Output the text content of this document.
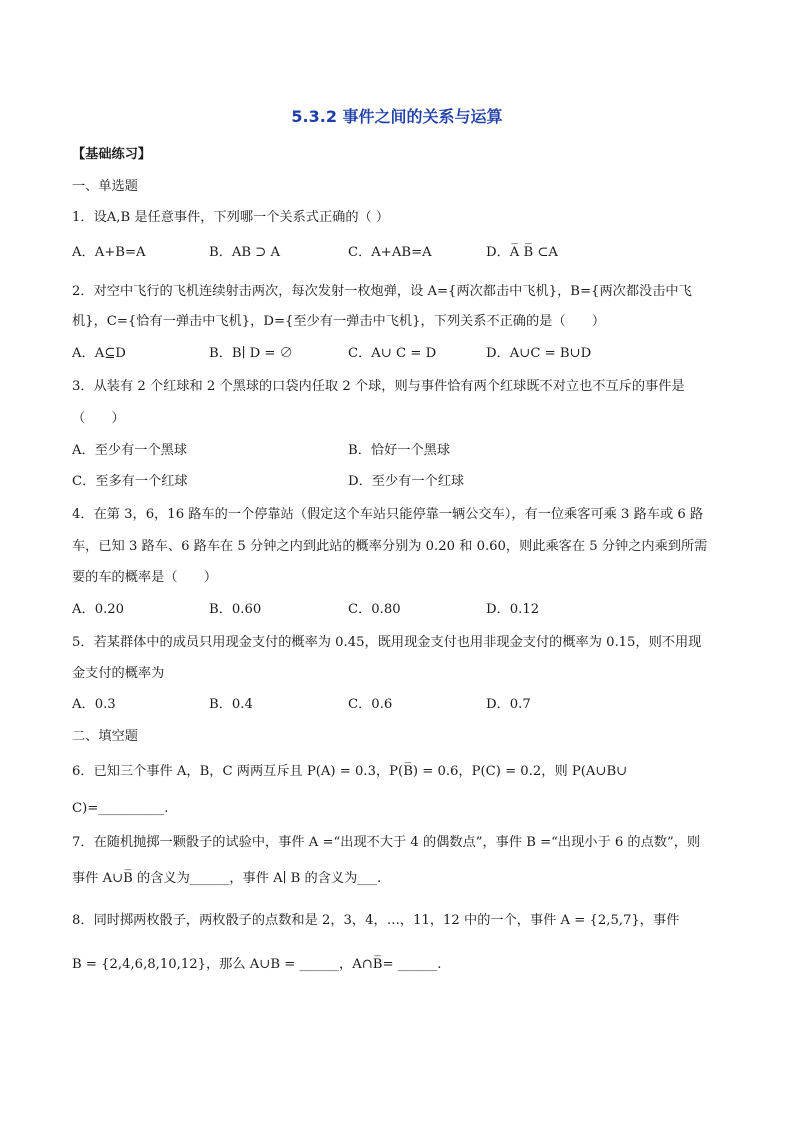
5.3.2 事件之间的关系与运算
【基础练习】
一、单选题
1．设A,B 是任意事件，下列哪一个关系式正确的（ ）
A．A+B=A	B．AB ⊃ A	C．A+AB=A	D．A̅ B̅ ⊂A
2．对空中飞行的飞机连续射击两次，每次发射一枚炮弹，设 A={两次都击中飞机}，B={两次都没击中飞
机}，C={恰有一弹击中飞机}，D={至少有一弹击中飞机}，下列关系不正确的是（　　）
A．A⊆D	B．B∣ D = ∅	C．A∪ C = D	D．A∪C = B∪D
3．从装有 2 个红球和 2 个黑球的口袋内任取 2 个球，则与事件恰有两个红球既不对立也不互斥的事件是
（　　）
A．至少有一个黑球	B．恰好一个黑球
C．至多有一个红球	D．至少有一个红球
4．在第 3，6，16 路车的一个停靠站（假定这个车站只能停靠一辆公交车），有一位乘客可乘 3 路车或 6 路
车，已知 3 路车、6 路车在 5 分钟之内到此站的概率分别为 0.20 和 0.60，则此乘客在 5 分钟之内乘到所需
要的车的概率是（　　）
A．0.20	B．0.60	C．0.80	D．0.12
5．若某群体中的成员只用现金支付的概率为 0.45，既用现金支付也用非现金支付的概率为 0.15，则不用现
金支付的概率为
A．0.3	B．0.4	C．0.6	D．0.7
二、填空题
6．已知三个事件 A，B，C 两两互斥且 P(A) = 0.3，P(B̅) = 0.6，P(C) = 0.2，则 P(A∪B∪
C)=__________.
7．在随机抛掷一颗骰子的试验中，事件 A =“出现不大于 4 的偶数点”，事件 B =“出现小于 6 的点数”，则
事件 A∪B̅ 的含义为______，事件 A∣ B 的含义为___.
8．同时掷两枚骰子，两枚骰子的点数和是 2，3，4，…，11，12 中的一个，事件 A = {2,5,7}，事件
B = {2,4,6,8,10,12}，那么 A∪B = ______，A∩B̅= ______.
